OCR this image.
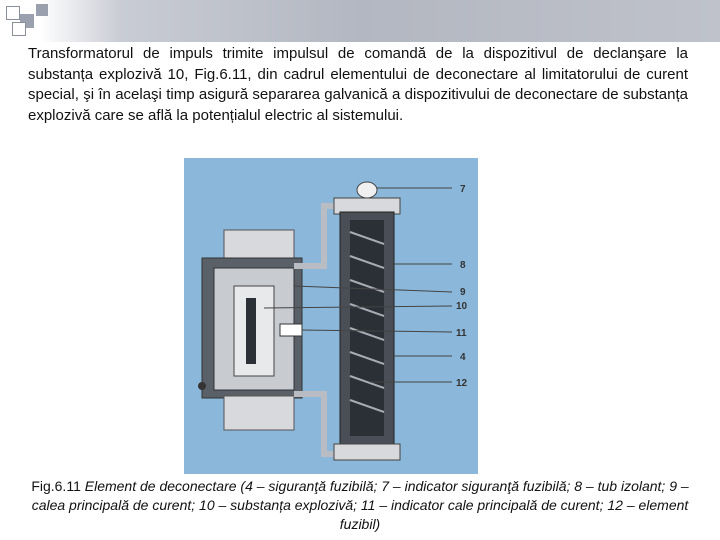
Transformatorul de impuls trimite impulsul de comandă de la dispozitivul de declanşare la substanța explozivă 10, Fig.6.11, din cadrul elementului de deconectare al limitatorului de curent special, şi în acelaşi timp asigură separarea galvanică a dispozitivului de deconectare de substanța explozivă care se află la potențialul electric al sistemului.

7
8
9
10
11
4
12

Fig.6.11 Element de deconectare (4 – siguranţă fuzibilă; 7 – indicator siguranţă fuzibilă; 8 – tub izolant; 9 – calea principală de curent; 10 – substanța explozivă; 11 – indicator cale principală de curent; 12 – element fuzibil)
